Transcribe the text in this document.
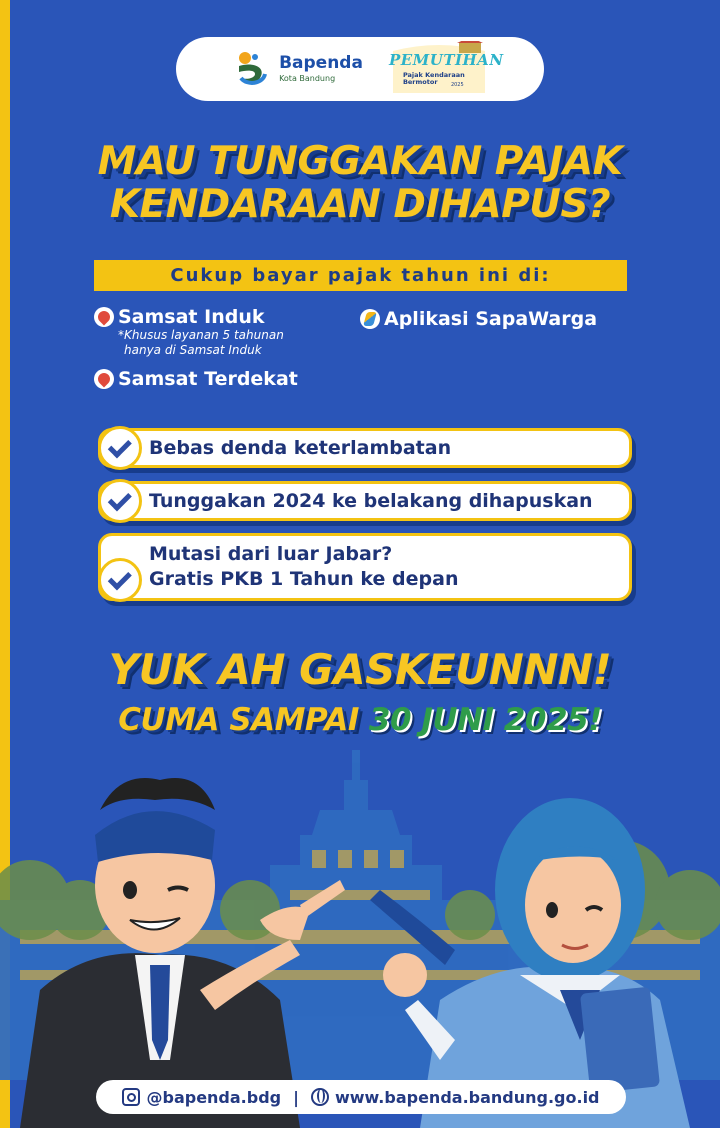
Bapenda
Kota Bandung
PEMUTIHAN
Pajak Kendaraan
Bermotor	2025
MAU TUNGGAKAN PAJAK
KENDARAAN DIHAPUS?
Cukup bayar pajak tahun ini di:
Samsat Induk
*Khusus layanan 5 tahunan
hanya di Samsat Induk
Samsat Terdekat
Aplikasi SapaWarga
Bebas denda keterlambatan
Tunggakan 2024 ke belakang dihapuskan
Mutasi dari luar Jabar?
Gratis PKB 1 Tahun ke depan
YUK AH GASKEUNNN!
CUMA SAMPAI 30 JUNI 2025!
@bapenda.bdg | www.bapenda.bandung.go.id
